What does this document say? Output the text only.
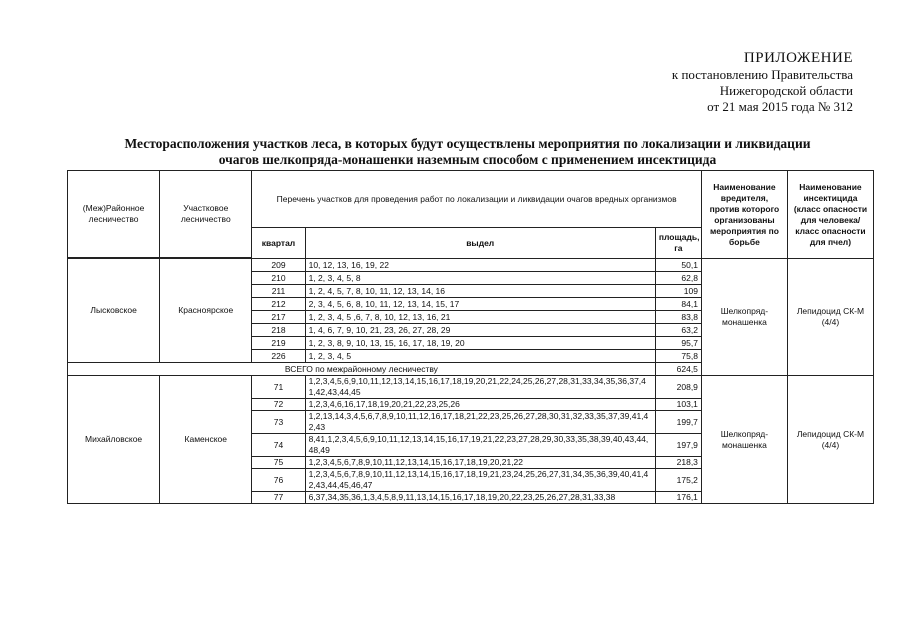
ПРИЛОЖЕНИЕ
к постановлению Правительства
Нижегородской области
от 21 мая 2015 года № 312
Месторасположения участков леса, в которых будут осуществлены мероприятия по локализации и ликвидации
очагов шелкопряда-монашенки наземным способом с применением инсектицида
(Меж)Районное лесничество	Участковое лесничество	Перечень участков для проведения работ по локализации и ликвидации очагов вредных организмов			Наименование вредителя, против которого организованы мероприятия по борьбе	Наименование инсектицида (класс опасности для человека/класс опасности для пчел)
		квартал	выдел	площадь, га		

Лысковское	Красноярское	209	10, 12, 13, 16, 19, 22	50,1	Шелкопряд-монашенка	Лепидоцид СК-М (4/4)
		210	1, 2, 3, 4, 5, 8	62,8		
		211	1, 2, 4, 5, 7, 8, 10, 11, 12, 13, 14, 16	109		
		212	2, 3, 4, 5, 6, 8, 10, 11, 12, 13, 14, 15, 17	84,1		
		217	1, 2, 3, 4, 5 ,6, 7, 8, 10, 12, 13, 16, 21	83,8		
		218	1, 4, 6, 7, 9, 10, 21, 23, 26, 27, 28, 29	63,2		
		219	1, 2, 3, 8, 9, 10, 13, 15, 16, 17, 18, 19, 20	95,7		
		226	1, 2, 3, 4, 5	75,8		
ВСЕГО по межрайонному лесничеству				624,5		
Михайловское	Каменское	71	1,2,3,4,5,6,9,10,11,12,13,14,15,16,17,18,19,20,21,22,24,25,26,27,28,31,33,34,35,36,37,41,42,43,44,45	208,9	Шелкопряд-монашенка	Лепидоцид СК-М (4/4)
		72	1,2,3,4,6,16,17,18,19,20,21,22,23,25,26	103,1		
		73	1,2,13,14,3,4,5,6,7,8,9,10,11,12,16,17,18,21,22,23,25,26,27,28,30,31,32,33,35,37,39,41,42,43	199,7		
		74	8,41,1,2,3,4,5,6,9,10,11,12,13,14,15,16,17,19,21,22,23,27,28,29,30,33,35,38,39,40,43,44,48,49	197,9		
		75	1,2,3,4,5,6,7,8,9,10,11,12,13,14,15,16,17,18,19,20,21,22	218,3		
		76	1,2,3,4,5,6,7,8,9,10,11,12,13,14,15,16,17,18,19,21,23,24,25,26,27,31,34,35,36,39,40,41,42,43,44,45,46,47	175,2		
		77	6,37,34,35,36,1,3,4,5,8,9,11,13,14,15,16,17,18,19,20,22,23,25,26,27,28,31,33,38	176,1		
